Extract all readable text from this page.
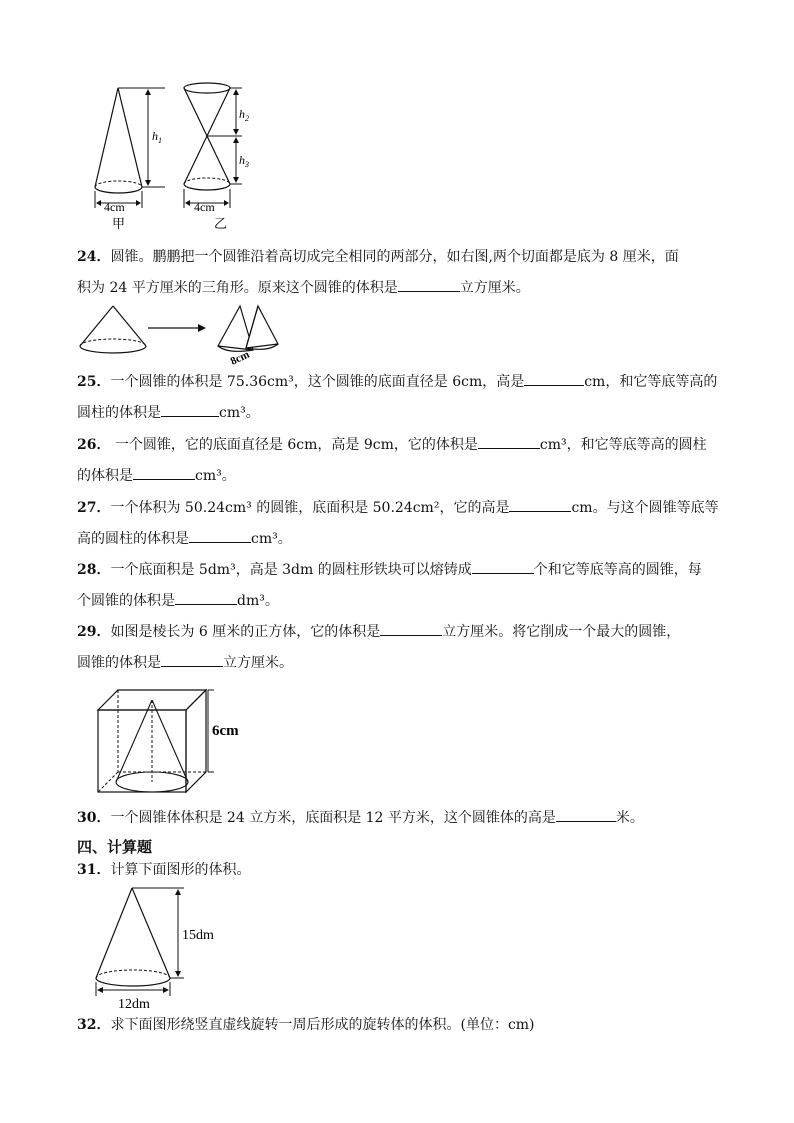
4cm
甲
$h_1$
4cm
乙
$h_2$
$h_3$
24．圆锥。鹏鹏把一个圆锥沿着高切成完全相同的两部分，如右图,两个切面都是底为 8 厘米，面
积为 24 平方厘米的三角形。原来这个圆锥的体积是	立方厘米。
8cm
25．一个圆锥的体积是 75.36cm³，这个圆锥的底面直径是 6cm，高是	cm，和它等底等高的
圆柱的体积是	cm³。
26． 一个圆锥，它的底面直径是 6cm，高是 9cm，它的体积是	cm³，和它等底等高的圆柱
的体积是	cm³。
27．一个体积为 50.24cm³ 的圆锥，底面积是 50.24cm²，它的高是	cm。与这个圆锥等底等
高的圆柱的体积是	cm³。
28．一个底面积是 5dm³，高是 3dm 的圆柱形铁块可以熔铸成	个和它等底等高的圆锥，每
个圆锥的体积是	dm³。
29．如图是棱长为 6 厘米的正方体，它的体积是	立方厘米。将它削成一个最大的圆锥，
圆锥的体积是	立方厘米。
6cm
30．一个圆锥体体积是 24 立方米，底面积是 12 平方米，这个圆锥体的高是	米。
四、计算题
31．计算下面图形的体积。
15dm
12dm
32．求下面图形绕竖直虚线旋转一周后形成的旋转体的体积。(单位：cm)
